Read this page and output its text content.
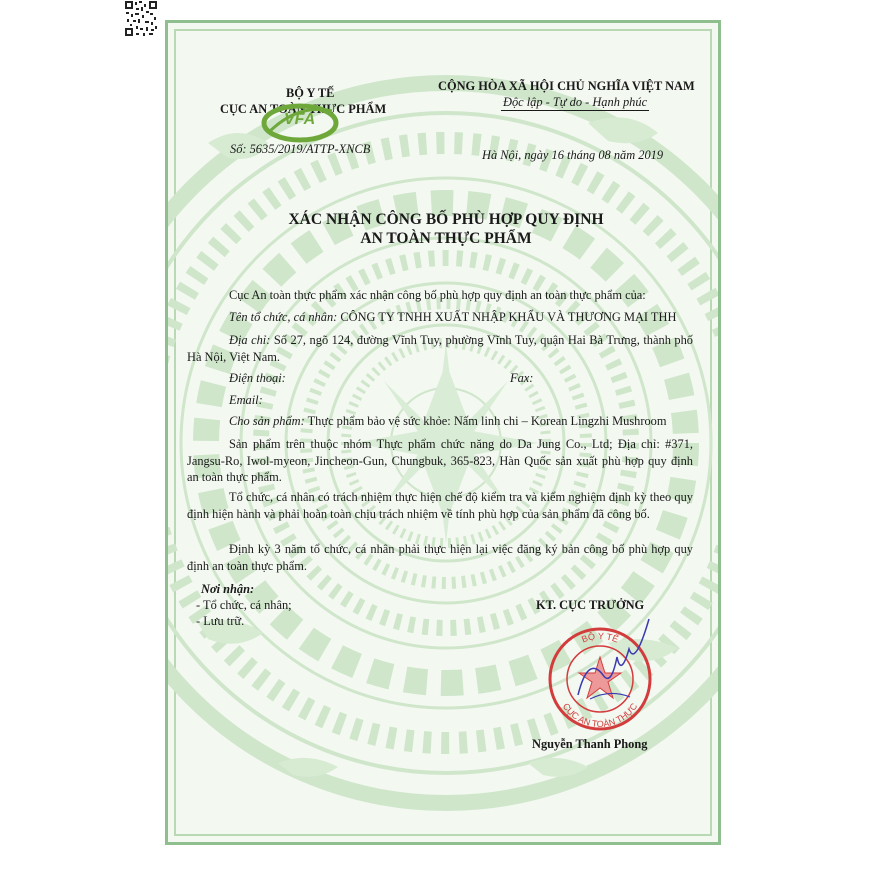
BỘ Y TẾ
CỤC AN TOÀN THỰC PHẨM
VFA
Số: 5635/2019/ATTP-XNCB
CỘNG HÒA XÃ HỘI CHỦ NGHĨA VIỆT NAM
Độc lập - Tự do - Hạnh phúc
Hà Nội, ngày 16 tháng 08 năm 2019
XÁC NHẬN CÔNG BỐ PHÙ HỢP QUY ĐỊNH
AN TOÀN THỰC PHẨM
Cục An toàn thực phẩm xác nhận công bố phù hợp quy định an toàn thực phẩm của:
Tên tổ chức, cá nhân: CÔNG TY TNHH XUẤT NHẬP KHẨU VÀ THƯƠNG MẠI THH
Địa chỉ: Số 27, ngõ 124, đường Vĩnh Tuy, phường Vĩnh Tuy, quận Hai Bà Trưng, thành phố Hà Nội, Việt Nam.
Điện thoại:	Fax:
Email:
Cho sản phẩm: Thực phẩm bảo vệ sức khỏe: Nấm linh chi – Korean Lingzhi Mushroom
Sản phẩm trên thuộc nhóm Thực phẩm chức năng do Da Jung Co., Ltd; Địa chỉ: #371, Jangsu-Ro, Iwol-myeon, Jincheon-Gun, Chungbuk, 365-823, Hàn Quốc sản xuất phù hợp quy định an toàn thực phẩm.
Tổ chức, cá nhân có trách nhiệm thực hiện chế độ kiểm tra và kiểm nghiệm định kỳ theo quy định hiện hành và phải hoàn toàn chịu trách nhiệm về tính phù hợp của sản phẩm đã công bố.
Định kỳ 3 năm tổ chức, cá nhân phải thực hiện lại việc đăng ký bản công bố phù hợp quy định an toàn thực phẩm.
Nơi nhận:
- Tổ chức, cá nhân;
- Lưu trữ.
KT. CỤC TRƯỞNG
BỘ Y TẾ
CỤC AN TOÀN THỰC
Nguyễn Thanh Phong
